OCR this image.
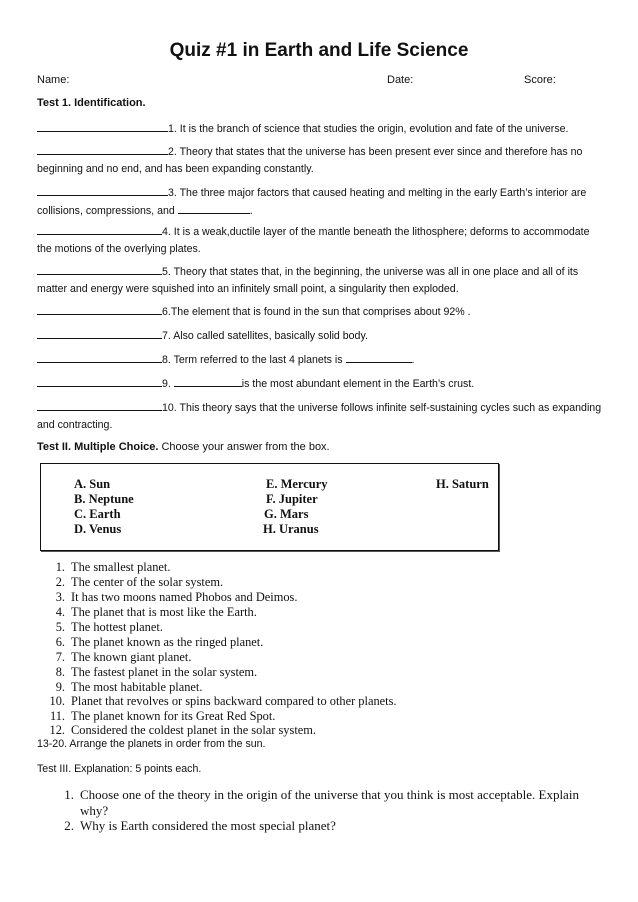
Quiz #1 in Earth and Life Science
Name:	Date:	Score:
Test 1. Identification.
1. It is the branch of science that studies the origin, evolution and fate of the universe.
2. Theory that states that the universe has been present ever since and therefore has no beginning and no end, and has been expanding constantly.
3. The three major factors that caused heating and melting in the early Earth’s interior are collisions, compressions, and	.
4. It is a weak,ductile layer of the mantle beneath the lithosphere; deforms to accommodate the motions of the overlying plates.
5. Theory that states that, in the beginning, the universe was all in one place and all of its matter and energy were squished into an infinitely small point, a singularity then exploded.
6.The element that is found in the sun that comprises about 92% .
7. Also called satellites, basically solid body.
8. Term referred to the last 4 planets is	.
9.	is the most abundant element in the Earth’s crust.
10. This theory says that the universe follows infinite self-sustaining cycles such as expanding and contracting.
Test II. Multiple Choice. Choose your answer from the box.
A. Sun
B. Neptune
C. Earth
D. Venus
E. Mercury
F. Jupiter
G. Mars
H. Uranus
H. Saturn
1. The smallest planet.
2. The center of the solar system.
3. It has two moons named Phobos and Deimos.
4. The planet that is most like the Earth.
5. The hottest planet.
6. The planet known as the ringed planet.
7. The known giant planet.
8. The fastest planet in the solar system.
9. The most habitable planet.
10. Planet that revolves or spins backward compared to other planets.
11. The planet known for its Great Red Spot.
12. Considered the coldest planet in the solar system.
13-20. Arrange the planets in order from the sun.
Test III. Explanation: 5 points each.
1. Choose one of the theory in the origin of the universe that you think is most acceptable. Explain why?
2. Why is Earth considered the most special planet?
